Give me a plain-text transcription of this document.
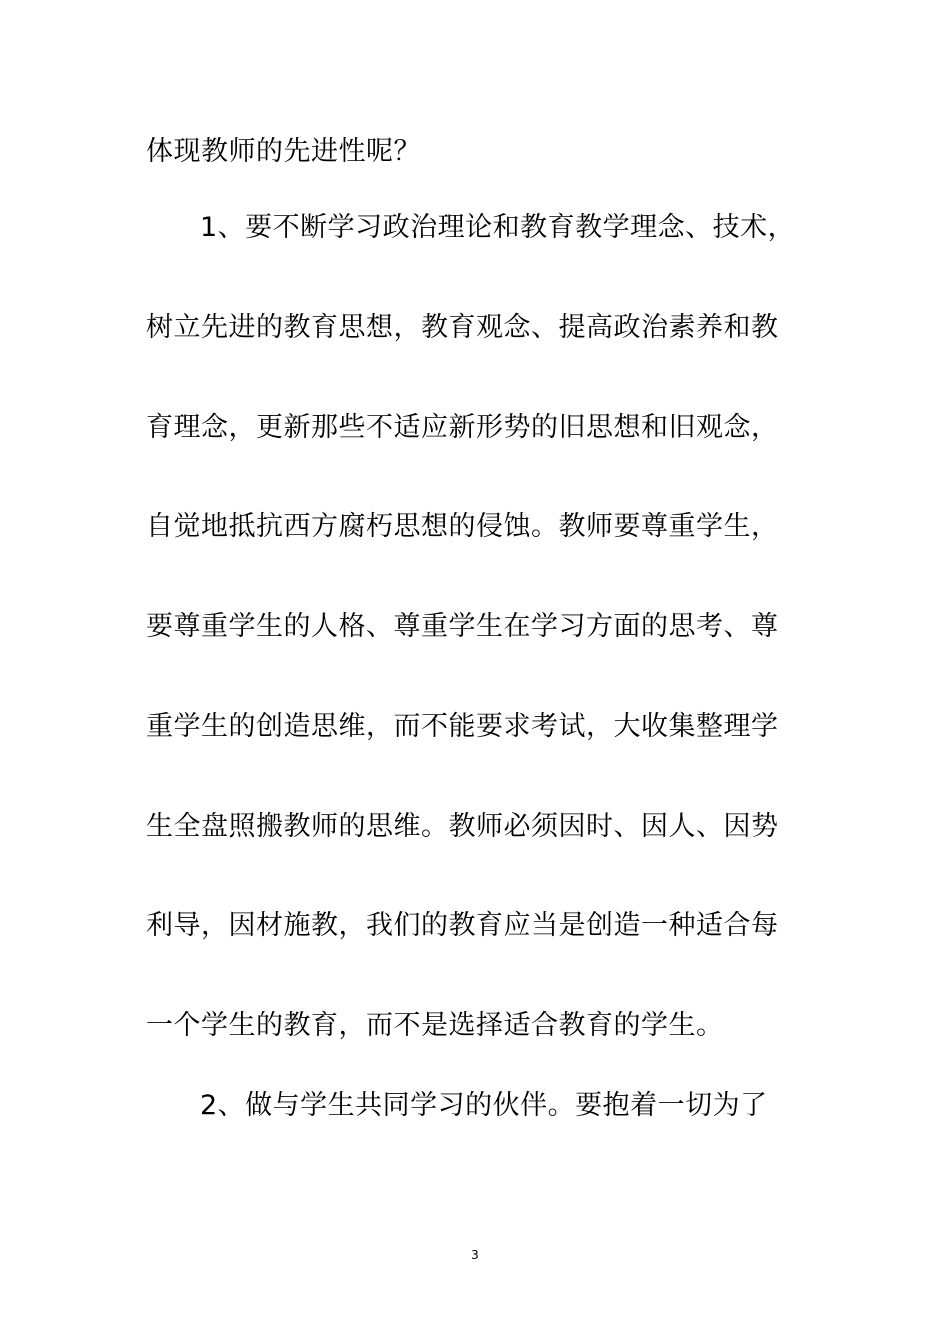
体现教师的先进性呢？
1、要不断学习政治理论和教育教学理念、技术，
树立先进的教育思想，教育观念、提高政治素养和教
育理念，更新那些不适应新形势的旧思想和旧观念，
自觉地抵抗西方腐朽思想的侵蚀。教师要尊重学生，
要尊重学生的人格、尊重学生在学习方面的思考、尊
重学生的创造思维，而不能要求考试，大收集整理学
生全盘照搬教师的思维。教师必须因时、因人、因势
利导，因材施教，我们的教育应当是创造一种适合每
一个学生的教育，而不是选择适合教育的学生。
2、做与学生共同学习的伙伴。要抱着一切为了
3
